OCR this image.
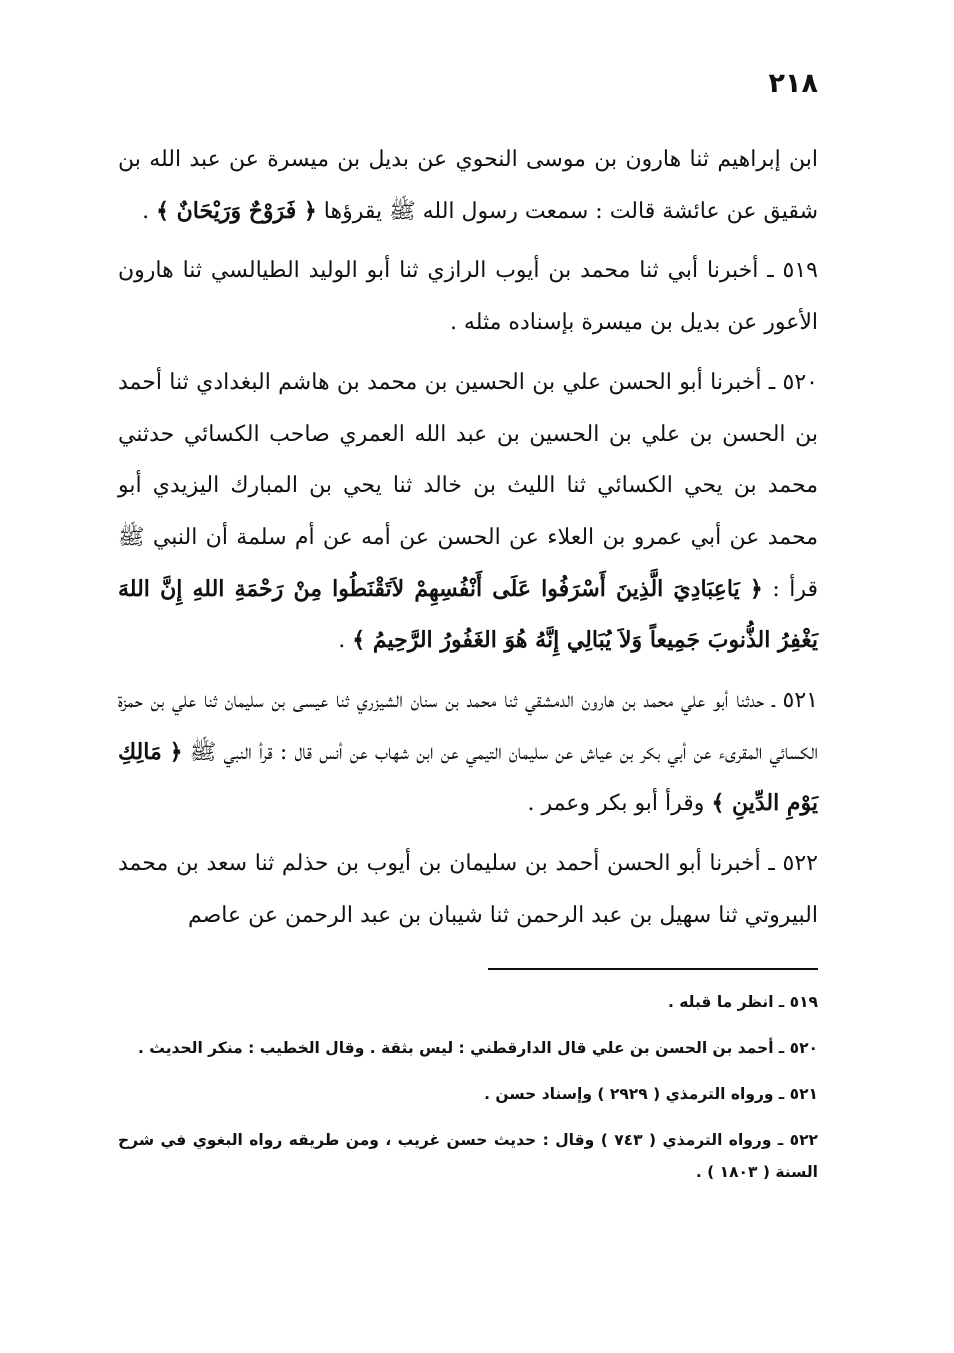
٢١٨

ابن إبراهيم ثنا هارون بن موسى النحوي عن بديل بن ميسرة عن عبد الله بن شقيق عن عائشة قالت : سمعت رسول الله ﷺ يقرؤها ﴿ فَرَوْحٌ وَرَيْحَانٌ ﴾ .

٥١٩ ـ أخبرنا أبي ثنا محمد بن أيوب الرازي ثنا أبو الوليد الطيالسي ثنا هارون الأعور عن بديل بن ميسرة بإسناده مثله .

٥٢٠ ـ أخبرنا أبو الحسن علي بن الحسين بن محمد بن هاشم البغدادي ثنا أحمد بن الحسن بن علي بن الحسين بن عبد الله العمري صاحب الكسائي حدثني محمد بن يحي الكسائي ثنا الليث بن خالد ثنا يحي بن المبارك اليزيدي أبو محمد عن أبي عمرو بن العلاء عن الحسن عن أمه عن أم سلمة أن النبي ﷺ قرأ : ﴿ يَاعِبَادِيَ الَّذِينَ أَسْرَفُوا عَلَى أَنْفُسِهِمْ لاَتَقْنَطُوا مِنْ رَحْمَةِ اللهِ إِنَّ اللهَ يَغْفِرُ الذُّنوبَ جَمِيعاً وَلاَ يُبَالِي إِنَّهُ هُوَ الغَفُورُ الرَّحِيمُ ﴾ .

٥٢١ ـ حدثنا أبو علي محمد بن هارون الدمشقي ثنا محمد بن سنان الشيزري ثنا عيسى بن سليمان ثنا علي بن حمزة الكسائي المقرىء عن أبي بكر بن عياش عن سليمان التيمي عن ابن شهاب عن أنس قال : قرأ النبي ﷺ ﴿ مَالِكِ يَوْمِ الدِّينِ ﴾ وقرأ أبو بكر وعمر .

٥٢٢ ـ أخبرنا أبو الحسن أحمد بن سليمان بن أيوب بن حذلم ثنا سعد بن محمد البيروتي ثنا سهيل بن عبد الرحمن ثنا شيبان بن عبد الرحمن عن عاصم

٥١٩ ـ انظر ما قبله .

٥٢٠ ـ أحمد بن الحسن بن علي قال الدارقطني : ليس بثقة . وقال الخطيب : منكر الحديث .

٥٢١ ـ ورواه الترمذي ( ٢٩٢٩ ) وإسناد حسن .

٥٢٢ ـ ورواه الترمذي ( ٧٤٣ ) وقال : حديث حسن غريب ، ومن طريقه رواه البغوي في شرح السنة ( ١٨٠٣ ) .
